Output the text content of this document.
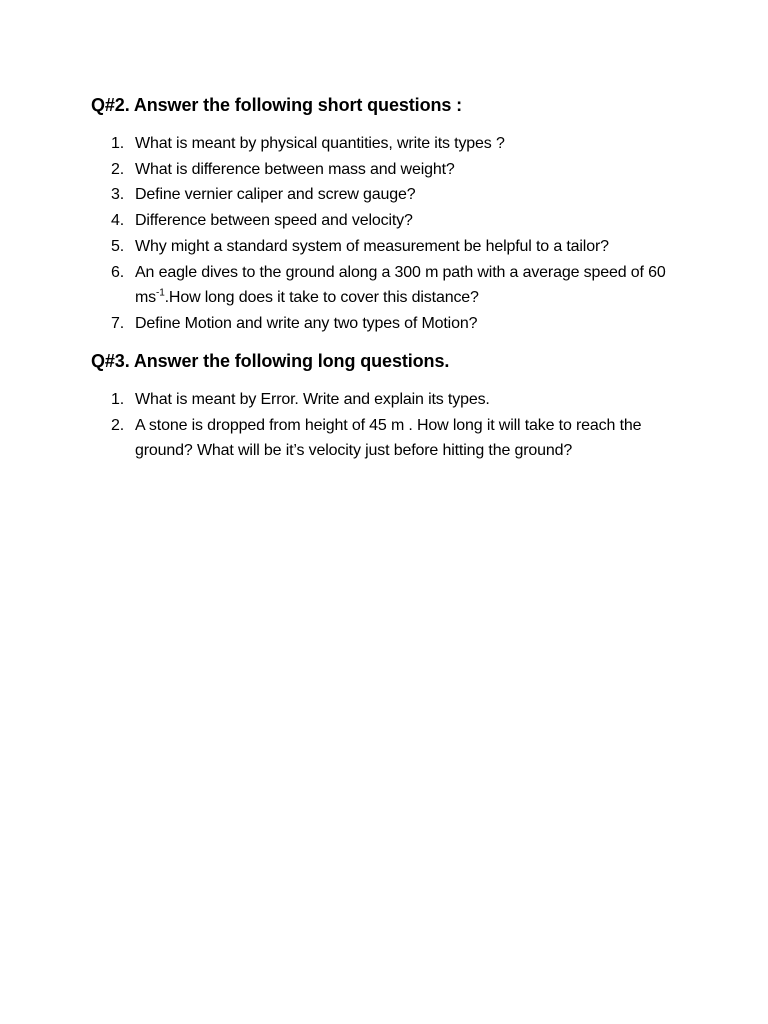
Q#2. Answer the following short questions :
1. What is meant by physical quantities, write its types ?
2. What is difference between mass and weight?
3. Define vernier caliper and screw gauge?
4. Difference between speed and velocity?
5. Why might a standard system of measurement be helpful to a tailor?
6. An eagle dives to the ground along a 300 m path with a average speed of 60 $ms^{-1}.How$ long does it take to cover this distance?
7. Define Motion and write any two types of Motion?
Q#3. Answer the following long questions.
1. What is meant by Error. Write and explain its types.
2. A stone is dropped from height of 45 m . How long it will take to reach the ground? What will be it’s velocity just before hitting the ground?
